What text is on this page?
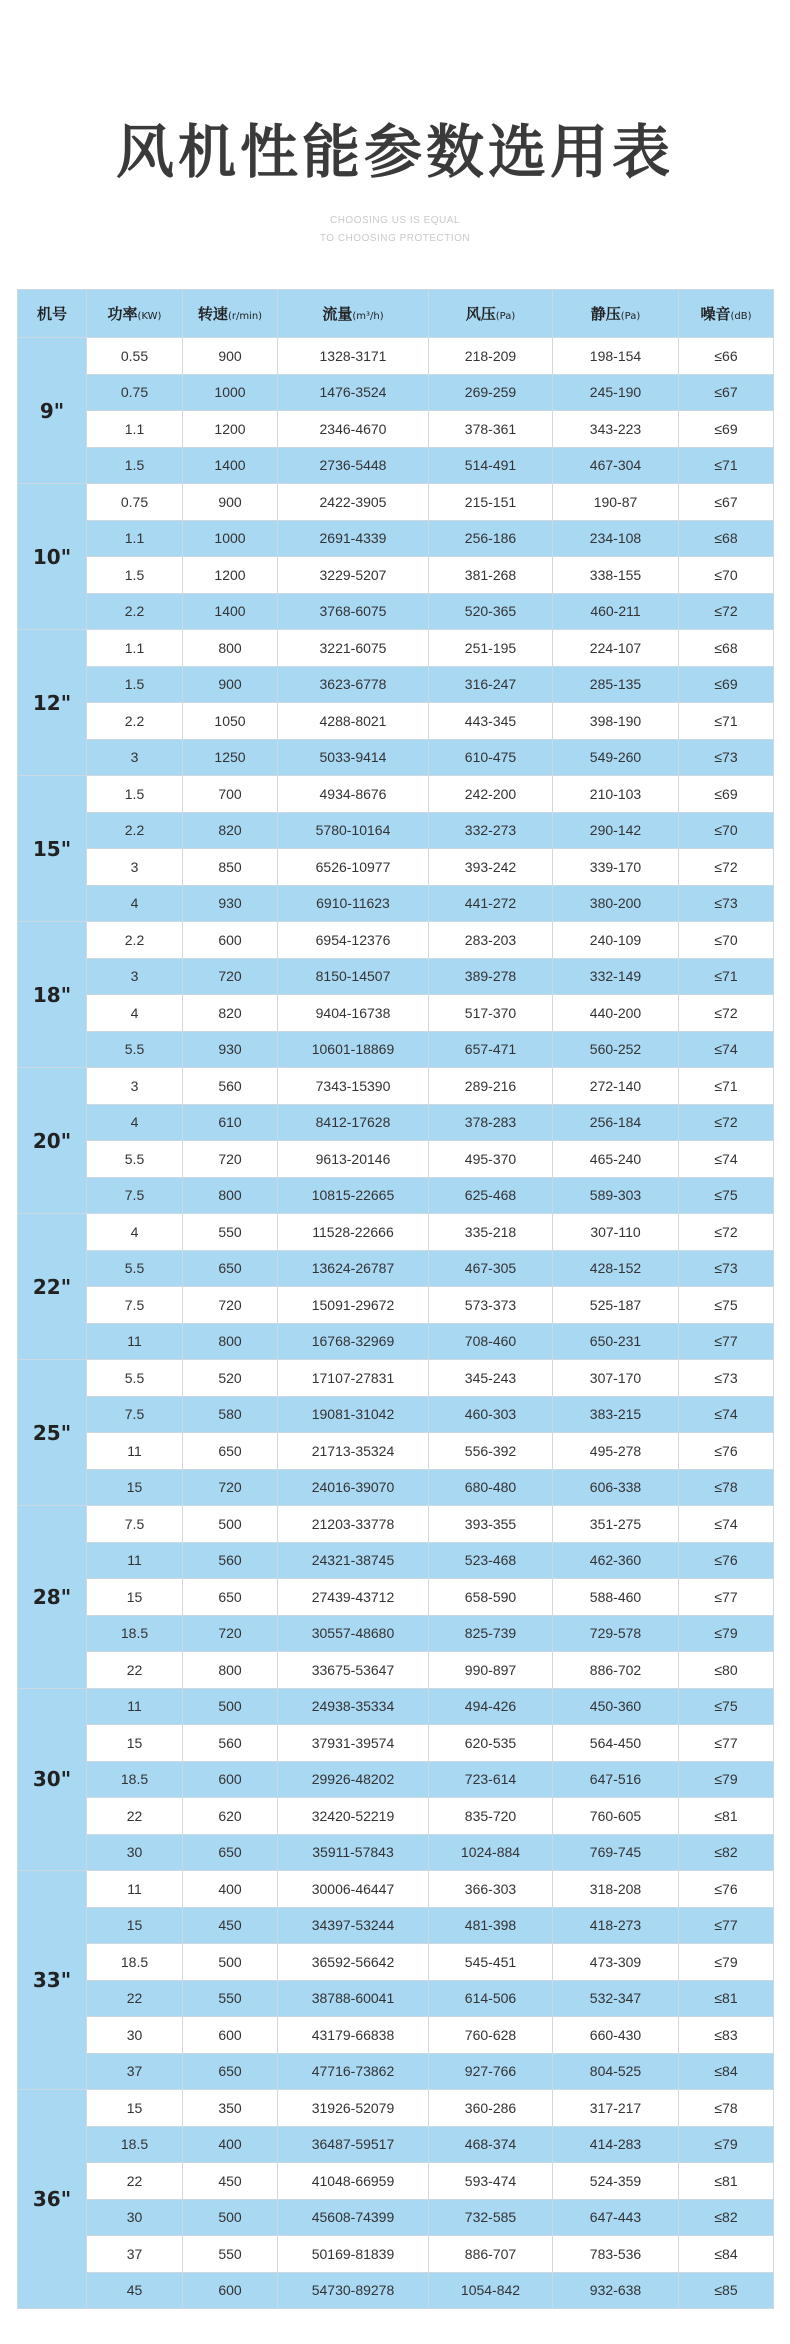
风机性能参数选用表
CHOOSING US IS EQUAL
TO CHOOSING PROTECTION
机号	功率(KW)	转速(r/min)	流量(m³/h)	风压(Pa)	静压(Pa)	噪音(dB)
9"	0.55	900	1328-3171	218-209	198-154	≤66
	0.75	1000	1476-3524	269-259	245-190	≤67
	1.1	1200	2346-4670	378-361	343-223	≤69
	1.5	1400	2736-5448	514-491	467-304	≤71
10"	0.75	900	2422-3905	215-151	190-87	≤67
	1.1	1000	2691-4339	256-186	234-108	≤68
	1.5	1200	3229-5207	381-268	338-155	≤70
	2.2	1400	3768-6075	520-365	460-211	≤72
12"	1.1	800	3221-6075	251-195	224-107	≤68
	1.5	900	3623-6778	316-247	285-135	≤69
	2.2	1050	4288-8021	443-345	398-190	≤71
	3	1250	5033-9414	610-475	549-260	≤73
15"	1.5	700	4934-8676	242-200	210-103	≤69
	2.2	820	5780-10164	332-273	290-142	≤70
	3	850	6526-10977	393-242	339-170	≤72
	4	930	6910-11623	441-272	380-200	≤73
18"	2.2	600	6954-12376	283-203	240-109	≤70
	3	720	8150-14507	389-278	332-149	≤71
	4	820	9404-16738	517-370	440-200	≤72
	5.5	930	10601-18869	657-471	560-252	≤74
20"	3	560	7343-15390	289-216	272-140	≤71
	4	610	8412-17628	378-283	256-184	≤72
	5.5	720	9613-20146	495-370	465-240	≤74
	7.5	800	10815-22665	625-468	589-303	≤75
22"	4	550	11528-22666	335-218	307-110	≤72
	5.5	650	13624-26787	467-305	428-152	≤73
	7.5	720	15091-29672	573-373	525-187	≤75
	11	800	16768-32969	708-460	650-231	≤77
25"	5.5	520	17107-27831	345-243	307-170	≤73
	7.5	580	19081-31042	460-303	383-215	≤74
	11	650	21713-35324	556-392	495-278	≤76
	15	720	24016-39070	680-480	606-338	≤78
28"	7.5	500	21203-33778	393-355	351-275	≤74
	11	560	24321-38745	523-468	462-360	≤76
	15	650	27439-43712	658-590	588-460	≤77
	18.5	720	30557-48680	825-739	729-578	≤79
	22	800	33675-53647	990-897	886-702	≤80
30"	11	500	24938-35334	494-426	450-360	≤75
	15	560	37931-39574	620-535	564-450	≤77
	18.5	600	29926-48202	723-614	647-516	≤79
	22	620	32420-52219	835-720	760-605	≤81
	30	650	35911-57843	1024-884	769-745	≤82
33"	11	400	30006-46447	366-303	318-208	≤76
	15	450	34397-53244	481-398	418-273	≤77
	18.5	500	36592-56642	545-451	473-309	≤79
	22	550	38788-60041	614-506	532-347	≤81
	30	600	43179-66838	760-628	660-430	≤83
	37	650	47716-73862	927-766	804-525	≤84
36"	15	350	31926-52079	360-286	317-217	≤78
	18.5	400	36487-59517	468-374	414-283	≤79
	22	450	41048-66959	593-474	524-359	≤81
	30	500	45608-74399	732-585	647-443	≤82
	37	550	50169-81839	886-707	783-536	≤84
	45	600	54730-89278	1054-842	932-638	≤85
